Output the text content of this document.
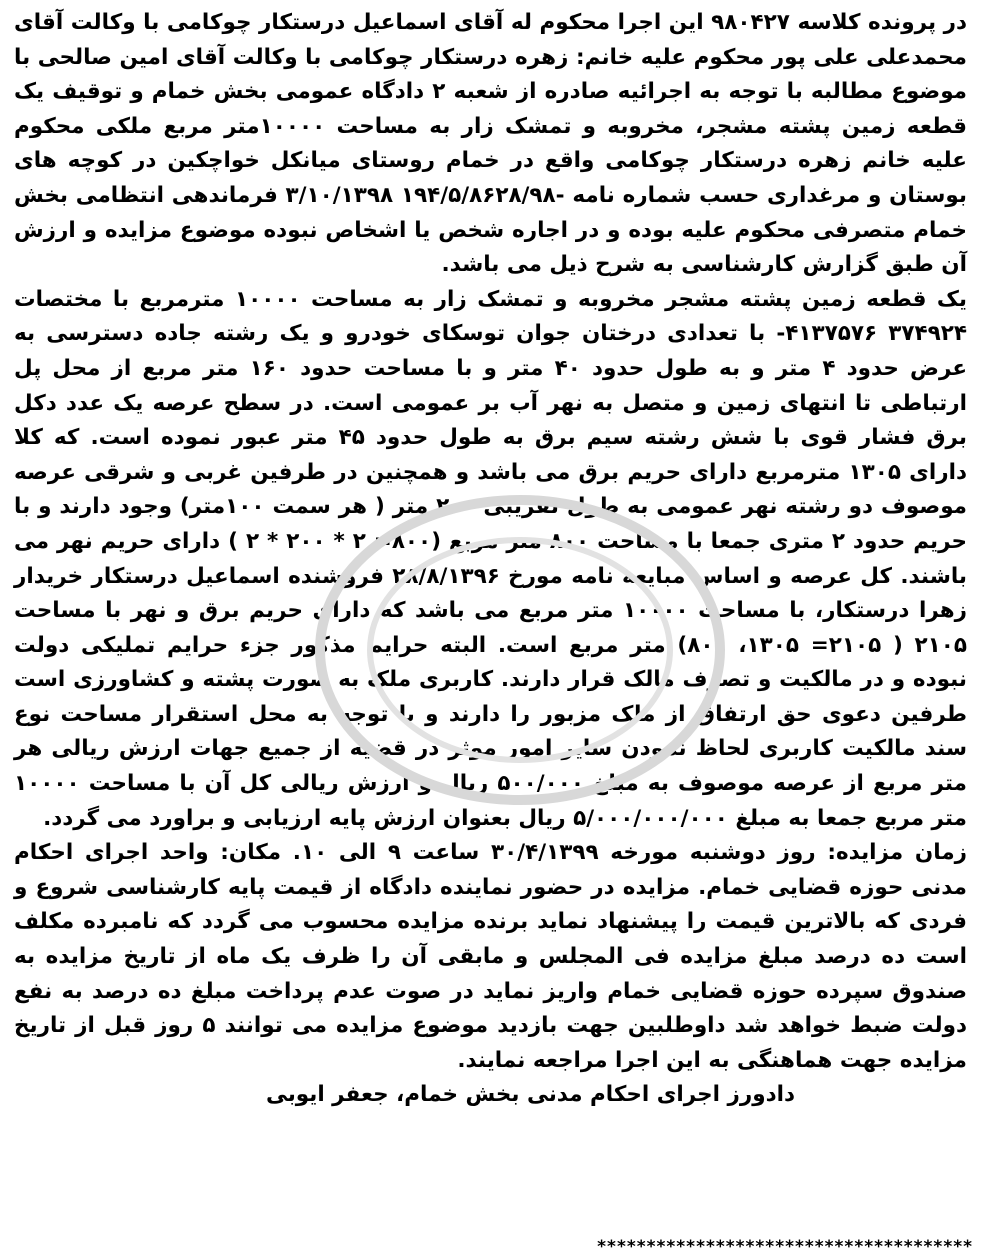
در پرونده کلاسه ۹۸۰۴۲۷ این اجرا محکوم له آقای اسماعیل درستکار چوکامی با وکالت آقای محمدعلی علی پور محکوم علیه خانم: زهره درستکار چوکامی با وکالت آقای امین صالحی با موضوع مطالبه با توجه به اجرائیه صادره از شعبه ۲ دادگاه عمومی بخش خمام و توقیف یک قطعه زمین پشته مشجر، مخروبه و تمشک زار به مساحت ۱۰۰۰۰متر مربع ملکی محکوم علیه خانم زهره درستکار چوکامی واقع در خمام روستای میانکل خواچکین در کوچه های بوستان و مرغداری حسب شماره نامه -۱۹۴/۵/۸۶۲۸/۹۸ ۳/۱۰/۱۳۹۸ فرماندهی انتظامی بخش خمام متصرفی محکوم علیه بوده و در اجاره شخص یا اشخاص نبوده موضوع مزایده و ارزش آن طبق گزارش کارشناسی به شرح ذیل می باشد.

یک قطعه زمین پشته مشجر مخروبه و تمشک زار به مساحت ۱۰۰۰۰ مترمربع با مختصات ۳۷۴۹۲۴ ۴۱۳۷۵۷۶- با تعدادی درختان جوان توسکای خودرو و یک رشته جاده دسترسی به عرض حدود ۴ متر و به طول حدود ۴۰ متر و با مساحت حدود ۱۶۰ متر مربع از محل پل ارتباطی تا انتهای زمین و متصل به نهر آب بر عمومی است. در سطح عرصه یک عدد دکل برق فشار قوی با شش رشته سیم برق به طول حدود ۴۵ متر عبور نموده است. که کلا دارای ۱۳۰۵ مترمربع دارای حریم برق می باشد و همچنین در طرفین غربی و شرقی عرصه موصوف دو رشته نهر عمومی به طول تقریبی ۲۰۰ متر ( هر سمت ۱۰۰متر) وجود دارند و با حریم حدود ۲ متری جمعا با مساحت ۸۰۰ متر مربع (۸۰۰= ۲ * ۲۰۰ * ۲ ) دارای حریم نهر می باشند. کل عرصه و اساس مبایعه نامه مورخ ۲۸/۸/۱۳۹۶ فروشنده اسماعیل درستکار خریدار زهرا درستکار، با مساحت ۱۰۰۰۰ متر مربع می باشد که دارای حریم برق و نهر با مساحت ۲۱۰۵ ( ۲۱۰۵= ۱۳۰۵، ۸۰۰) متر مربع است. البته حرایم مذکور جزء حرایم تملیکی دولت نبوده و در مالکیت و تصرف مالک قرار دارند. کاربری ملک به صورت پشته و کشاورزی است طرفین دعوی حق ارتفاق از ملک مزبور را دارند و با توجه به محل استقرار مساحت نوع سند مالکیت کاربری لحاظ نمودن سایر امور موثر در قضیه از جمیع جهات ارزش ریالی هر متر مربع از عرصه موصوف به مبلغ ۵۰۰/۰۰۰ ریال و ارزش ریالی کل آن با مساحت ۱۰۰۰۰ متر مربع جمعا به مبلغ ۵/۰۰۰/۰۰۰/۰۰۰ ریال بعنوان ارزش پایه ارزیابی و براورد می گردد.

زمان مزایده: روز دوشنبه مورخه ۳۰/۴/۱۳۹۹ ساعت ۹ الی ۱۰. مکان: واحد اجرای احکام مدنی حوزه قضایی خمام. مزایده در حضور نماینده دادگاه از قیمت پایه کارشناسی شروع و فردی که بالاترین قیمت را پیشنهاد نماید برنده مزایده محسوب می گردد که نامبرده مکلف است ده درصد مبلغ مزایده فی المجلس و مابقی آن را ظرف یک ماه از تاریخ مزایده به صندوق سپرده حوزه قضایی خمام واریز نماید در صوت عدم پرداخت مبلغ ده درصد به نفع دولت ضبط خواهد شد داوطلبین جهت بازدید موضوع مزایده می توانند ۵ روز قبل از تاریخ مزایده جهت هماهنگی به این اجرا مراجعه نمایند.

دادورز اجرای احکام مدنی بخش خمام، جعفر ایوبی

**************************************
